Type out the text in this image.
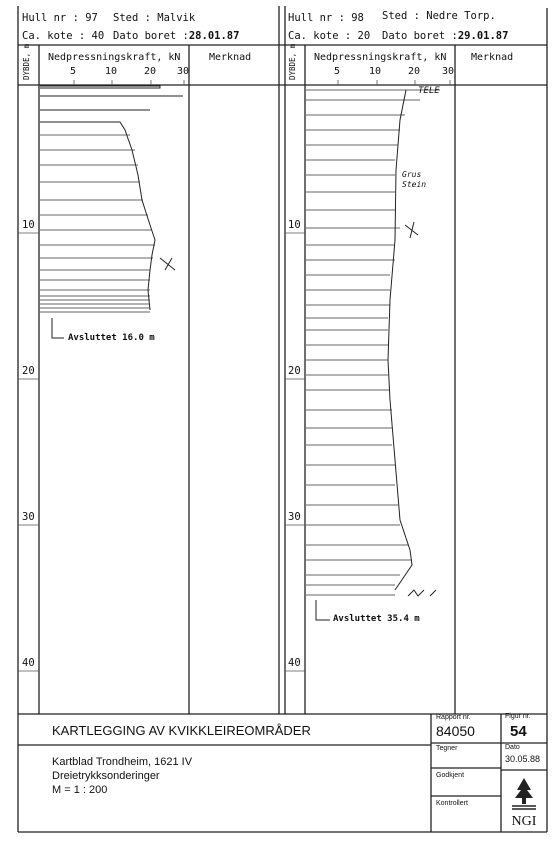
Hull nr : 97 Sted : Malvik
Ca. kote : 40 Dato boret :28.01.87
Hull nr : 98 Sted : Nedre Torp.
Ca. kote : 20 Dato boret :29.01.87
DYBDE, m Nedpressningskraft, kN	Merknad
5	10	20 30	DYBDE, m Nedpressningskraft, kN Merknad
5	10	20 30
10
20
30
40
10
20
30
40
Avsluttet 16.0 m
Avsluttet 35.4 m
TELE
Grus
Stein
KARTLEGGING AV KVIKKLEIREOMRÅDER
Kartblad Trondheim, 1621 IV
Dreietrykksonderinger
M = 1 : 200
Rapport nr.
84050
Figur nr.
54
Tegner	Dato
30.05.88
Godkjent
Kontrollert
NGI
